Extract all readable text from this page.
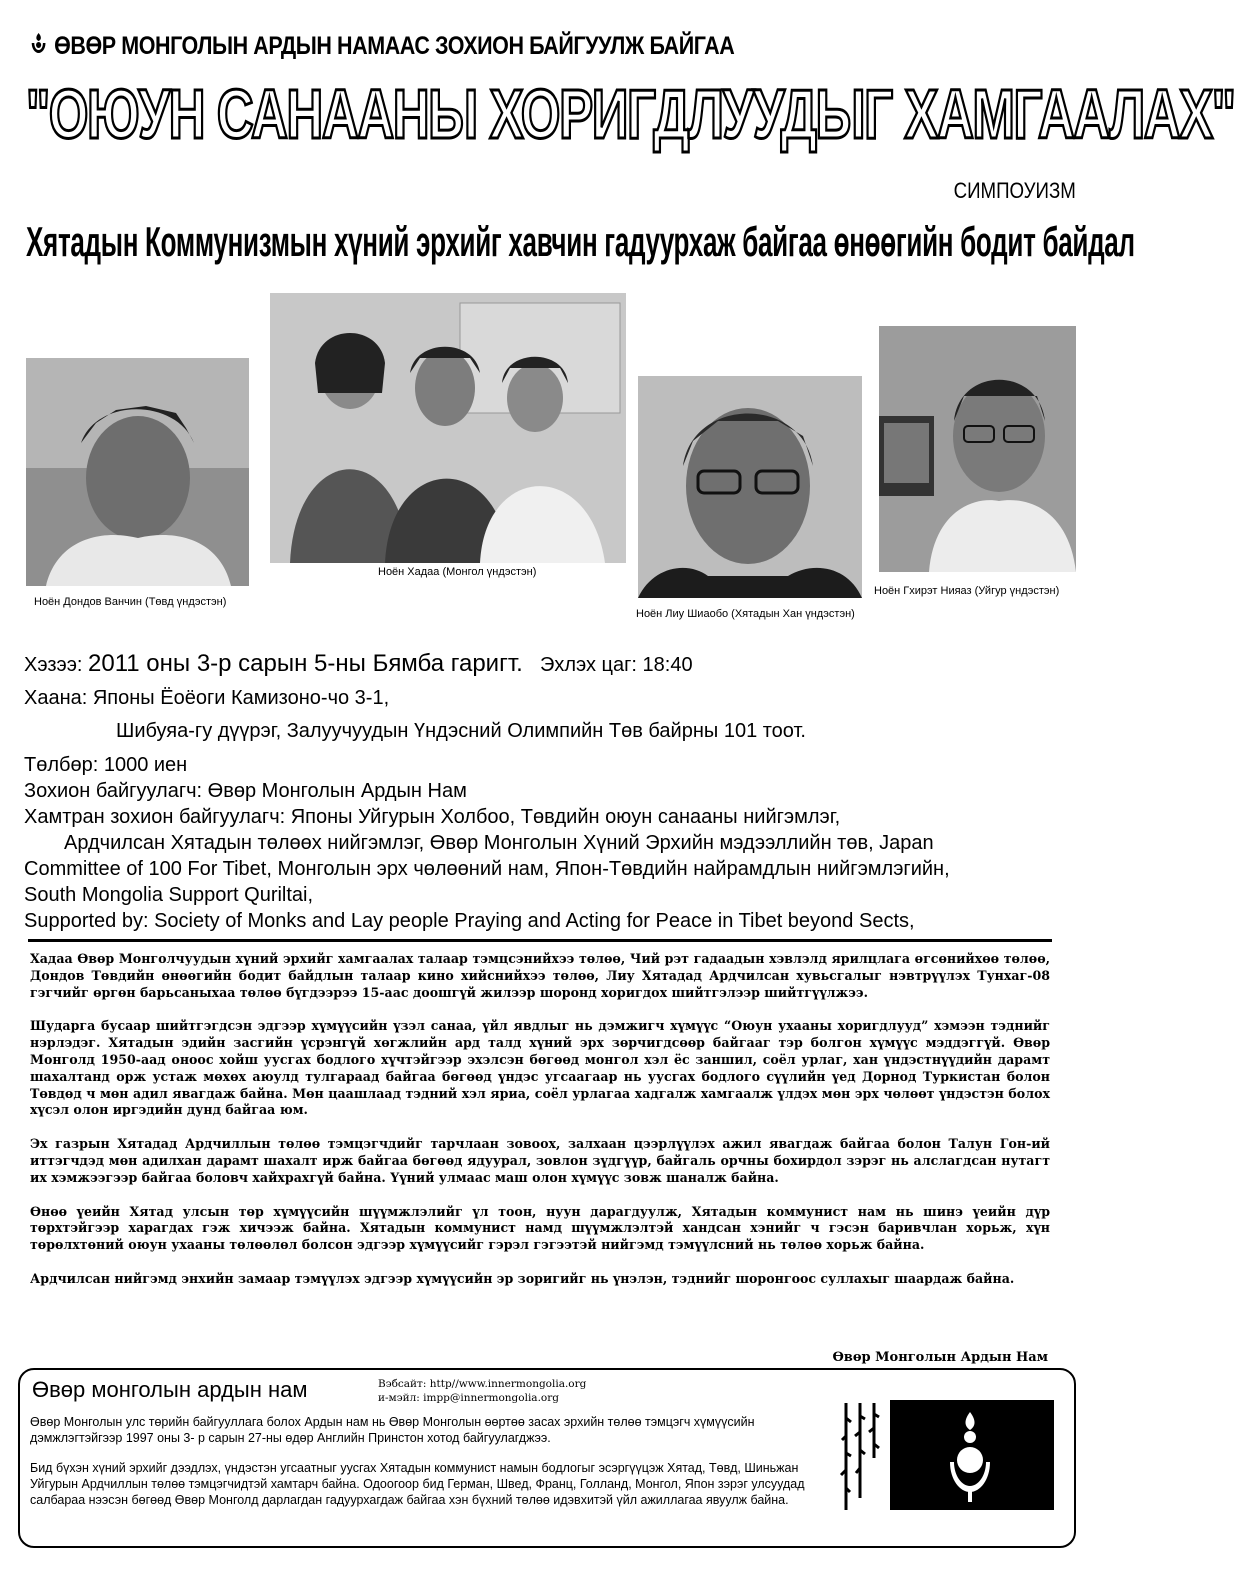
ӨВӨР МОНГОЛЫН АРДЫН НАМААС ЗОХИОН БАЙГУУЛЖ БАЙГАА
"ОЮУН САНААНЫ ХОРИГДЛУУДЫГ ХАМГААЛАХ"
СИМПОУИЗМ
Хятадын Коммунизмын хүний эрхийг хавчин гадуурхаж байгаа өнөөгийн бодит байдал
Ноён Дондов Ванчин (Төвд үндэстэн)
Ноён Хадаа (Монгол үндэстэн)
Ноён Лиу Шиаобо (Хятадын Хан үндэстэн)
Ноён Гхирэт Нияаз (Уйгур үндэстэн)
Хэзээ: 2011 оны 3-р сарын 5-ны Бямба гаригт. Эхлэх цаг: 18:40
Хаана: Японы Ёоёоги Камизоно-чо 3-1,
Шибуяа-гу дүүрэг, Залуучуудын Үндэсний Олимпийн Төв байрны 101 тоот.
Төлбөр: 1000 иен
Зохион байгуулагч: Өвөр Монголын Ардын Нам
Хамтран зохион байгуулагч: Японы Уйгурын Холбоо, Төвдийн оюун санааны нийгэмлэг,
Ардчилсан Хятадын төлөөх нийгэмлэг, Өвөр Монголын Хүний Эрхийн мэдээллийн төв, Japan
Committee of 100 For Tibet, Монголын эрх чөлөөний нам, Япон-Төвдийн найрамдлын нийгэмлэгийн,
South Mongolia Support Quriltai,
Supported by: Society of Monks and Lay people Praying and Acting for Peace in Tibet beyond Sects,

Хадаа Өвөр Монголчуудын хүний эрхийг хамгаалах талаар тэмцсэнийхээ төлөө, Чий рэт гадаадын хэвлэлд ярилцлага өгсөнийхөө төлөө, Дондов Төвдийн өнөөгийн бодит байдлын талаар кино хийснийхээ төлөө, Лиу Хятадад Ардчилсан хувьсгалыг нэвтрүүлэх Тунхаг-08 гэгчийг өргөн барьсаныхаа төлөө бүгдээрээ 15-аас доошгүй жилээр шоронд хоригдох шийтгэлээр шийтгүүлжээ.

Шударга бусаар шийтгэгдсэн эдгээр хүмүүсийн үзэл санаа, үйл явдлыг нь дэмжигч хүмүүс “Оюун ухааны хоригдлууд” хэмээн тэднийг нэрлэдэг. Хятадын эдийн засгийн үсрэнгүй хөгжлийн ард талд хүний эрх зөрчигдсөөр байгааг тэр болгон хүмүүс мэддэггүй. Өвөр Монголд 1950-аад оноос хойш уусгах бодлого хүчтэйгээр эхэлсэн бөгөөд монгол хэл ёс заншил, соёл урлаг, хан үндэстнүүдийн дарамт шахалтанд орж устаж мөхөх аюулд тулгараад байгаа бөгөөд үндэс угсаагаар нь уусгах бодлого сүүлийн үед Дорнод Туркистан болон Төвдөд ч мөн адил явагдаж байна. Мөн цаашлаад тэдний хэл яриа, соёл урлагаа хадгалж хамгаалж үлдэх мөн эрх чөлөөт үндэстэн болох хүсэл олон иргэдийн дунд байгаа юм.

Эх газрын Хятадад Ардчиллын төлөө тэмцэгчдийг тарчлаан зовоох, залхаан цээрлүүлэх ажил явагдаж байгаа болон Талун Гон-ий иттэгчдэд мөн адилхан дарамт шахалт ирж байгаа бөгөөд ядуурал, зовлон зүдгүүр, байгаль орчны бохирдол зэрэг нь алслагдсан нутагт их хэмжээгээр байгаа боловч хайхрахгүй байна. Үүний улмаас маш олон хүмүүс зовж шаналж байна.

Өнөө үеийн Хятад улсын төр хүмүүсийн шүүмжлэлийг үл тоон, нуун дарагдуулж, Хятадын коммунист нам нь шинэ үеийн дүр төрхтэйгээр харагдах гэж хичээж байна. Хятадын коммунист намд шүүмжлэлтэй хандсан хэнийг ч гэсэн баривчлан хорьж, хүн төрөлхтөний оюун ухааны төлөөлөл болсон эдгээр хүмүүсийг гэрэл гэгээтэй нийгэмд тэмүүлсний нь төлөө хорьж байна.

Ардчилсан нийгэмд энхийн замаар тэмүүлэх эдгээр хүмүүсийн эр зоригийг нь үнэлэн, тэднийг шоронгоос суллахыг шаардаж байна.

Өвөр Монголын Ардын Нам
Өвөр монголын ардын нам	Вэбсайт: http//www.innermongolia.org
и-мэйл: impp@innermongolia.org
Өвөр Монголын улс төрийн байгууллага болох Ардын нам нь Өвөр Монголын өөртөө засах эрхийн төлөө тэмцэгч хүмүүсийн дэмжлэгтэйгээр 1997 оны 3- р сарын 27-ны өдөр Английн Принстон хотод байгуулагджээ.
Бид бүхэн хүний эрхийг дээдлэх, үндэстэн угсаатныг уусгах Хятадын коммунист намын бодлогыг эсэргүүцэж Хятад, Төвд, Шиньжан Уйгурын Ардчиллын төлөө тэмцэгчидтэй хамтарч байна. Одоогоор бид Герман, Швед, Франц, Голланд, Монгол, Япон зэрэг улсуудад салбараа нээсэн бөгөөд Өвөр Монголд дарлагдан гадуурхагдаж байгаа хэн бүхний төлөө идэвхитэй үйл ажиллагаа явуулж байна.
